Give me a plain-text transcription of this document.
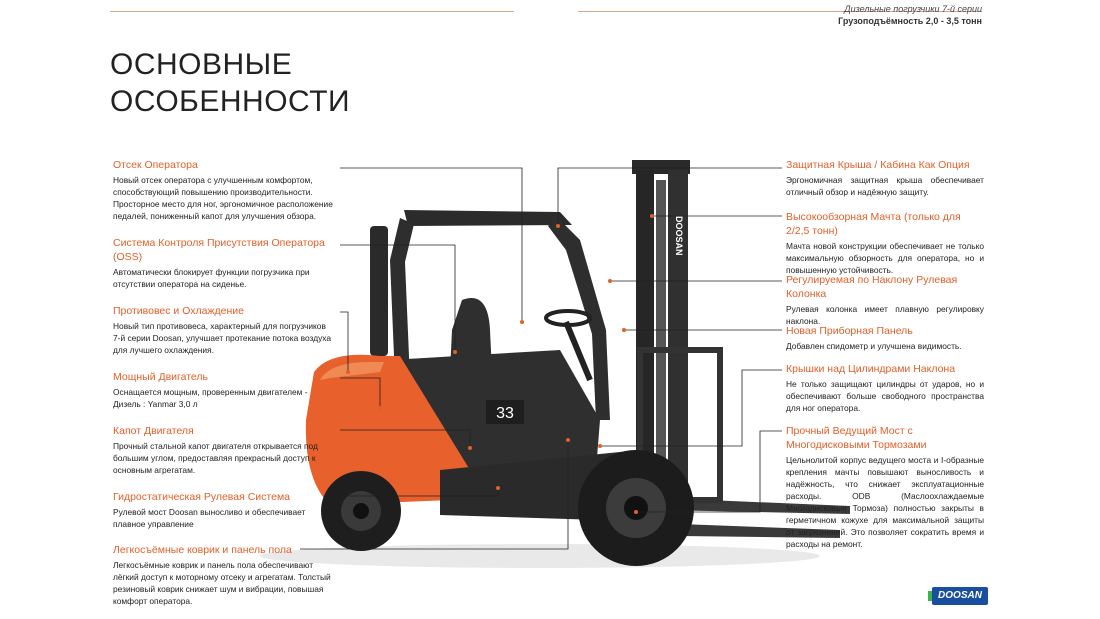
Дизельные погрузчики 7-й серии
Грузоподъёмность 2,0 - 3,5 тонн
ОСНОВНЫЕ
ОСОБЕННОСТИ
DOOSAN
33
Отсек Оператора

Новый отсек оператора с улучшенным комфортом, способствующий повышению производительности. Просторное место для ног, эргономичное расположение педалей, пониженный капот для улучшения обзора.

Система Контроля Присутствия Оператора (OSS)

Автоматически блокирует функции погрузчика при отсутствии оператора на сиденье.

Противовес и Охлаждение

Новый тип противовеса, характерный для погрузчиков 7-й серии Doosan, улучшает протекание потока воздуха для лучшего охлаждения.

Мощный Двигатель

Оснащается мощным, проверенным двигателем - Дизель : Yanmar 3,0 л

Капот Двигателя

Прочный стальной капот двигателя открывается под большим углом, предоставляя прекрасный доступ к основным агрегатам.

Гидростатическая Рулевая Система

Рулевой мост Doosan выносливо и обеспечивает плавное управление

Легкосъёмные коврик и панель пола

Легкосъёмные коврик и панель пола обеспечивают лёгкий доступ к моторному отсеку и агрегатам. Толстый резиновый коврик снижает шум и вибрации, повышая комфорт оператора.

Защитная Крыша / Кабина Как Опция

Эргономичная защитная крыша обеспечивает отличный обзор и надёжную защиту.

Высокообзорная Мачта (только для 2/2,5 тонн)

Мачта новой конструкции обеспечивает не только максимальную обзорность для оператора, но и повышенную устойчивость.

Регулируемая по Наклону Рулевая Колонка

Рулевая колонка имеет плавную регулировку наклона.

Новая Приборная Панель

Добавлен спидометр и улучшена видимость.

Крышки над Цилиндрами Наклона

Не только защищают цилиндры от ударов, но и обеспечивают больше свободного пространства для ног оператора.

Прочный Ведущий Мост с Многодисковыми Тормозами

Цельнолитой корпус ведущего моста и I-образные крепления мачты повышают выносливость и надёжность, что снижает эксплуатационные расходы. ODB (Маслоохлаждаемые Многодисковые Тормоза) полностью закрыты в герметичном кожухе для максимальной защиты от загрязнений. Это позволяет сократить время и расходы на ремонт.

DOOSAN
